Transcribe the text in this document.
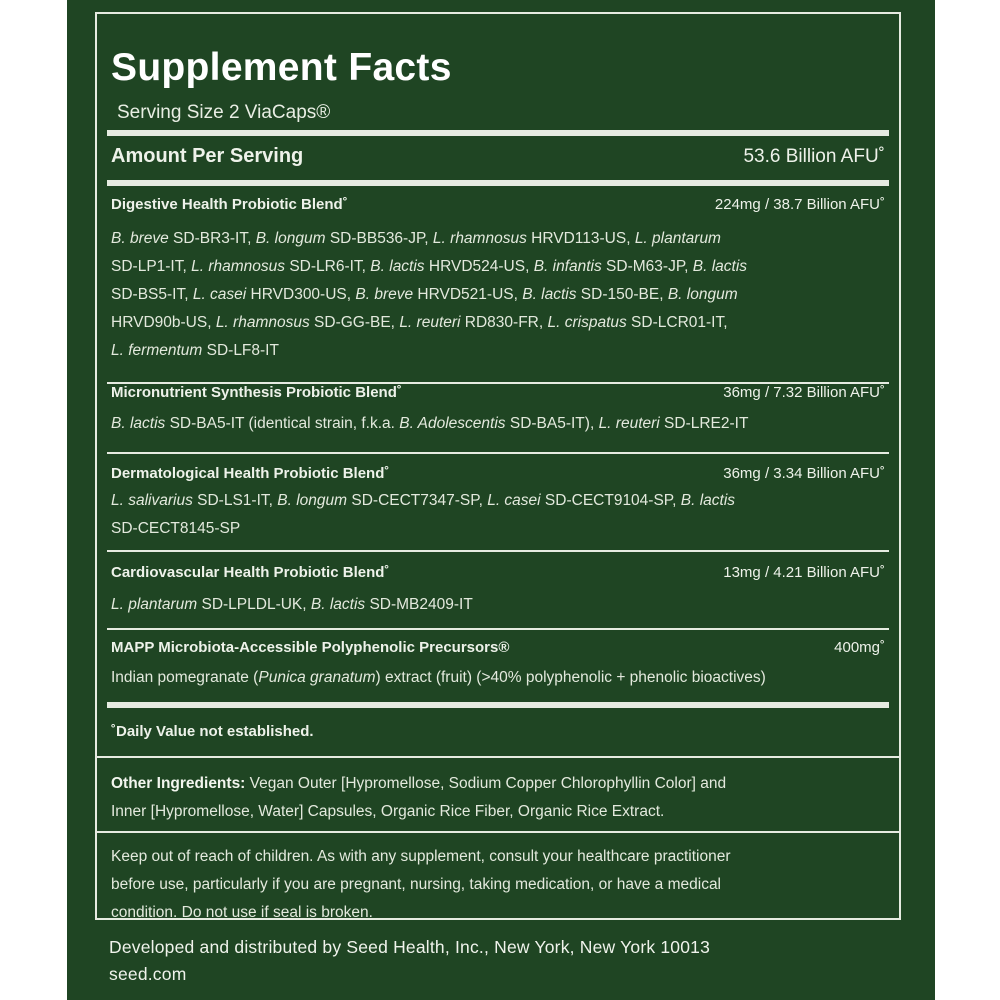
Supplement Facts
Serving Size 2 ViaCaps®
Amount Per Serving	53.6 Billion AFU˚
Digestive Health Probiotic Blend˚	224mg / 38.7 Billion AFU˚

B. breve SD-BR3-IT, B. longum SD-BB536-JP, L. rhamnosus HRVD113-US, L. plantarum

SD-LP1-IT, L. rhamnosus SD-LR6-IT, B. lactis HRVD524-US, B. infantis SD-M63-JP, B. lactis

SD-BS5-IT, L. casei HRVD300-US, B. breve HRVD521-US, B. lactis SD-150-BE, B. longum

HRVD90b-US, L. rhamnosus SD-GG-BE, L. reuteri RD830-FR, L. crispatus SD-LCR01-IT,

L. fermentum SD-LF8-IT

Micronutrient Synthesis Probiotic Blend˚	36mg / 7.32 Billion AFU˚

B. lactis SD-BA5-IT (identical strain, f.k.a. B. Adolescentis SD-BA5-IT), L. reuteri SD-LRE2-IT

Dermatological Health Probiotic Blend˚	36mg / 3.34 Billion AFU˚

L. salivarius SD-LS1-IT, B. longum SD-CECT7347-SP, L. casei SD-CECT9104-SP, B. lactis

SD-CECT8145-SP

Cardiovascular Health Probiotic Blend˚	13mg / 4.21 Billion AFU˚

L. plantarum SD-LPLDL-UK, B. lactis SD-MB2409-IT

MAPP Microbiota-Accessible Polyphenolic Precursors®	400mg˚

Indian pomegranate (Punica granatum) extract (fruit) (>40% polyphenolic + phenolic bioactives)

˚Daily Value not established.
Other Ingredients: Vegan Outer [Hypromellose, Sodium Copper Chlorophyllin Color] and
Inner [Hypromellose, Water] Capsules, Organic Rice Fiber, Organic Rice Extract.
Keep out of reach of children. As with any supplement, consult your healthcare practitioner
before use, particularly if you are pregnant, nursing, taking medication, or have a medical
condition. Do not use if seal is broken.
Developed and distributed by Seed Health, Inc., New York, New York 10013
seed.com
